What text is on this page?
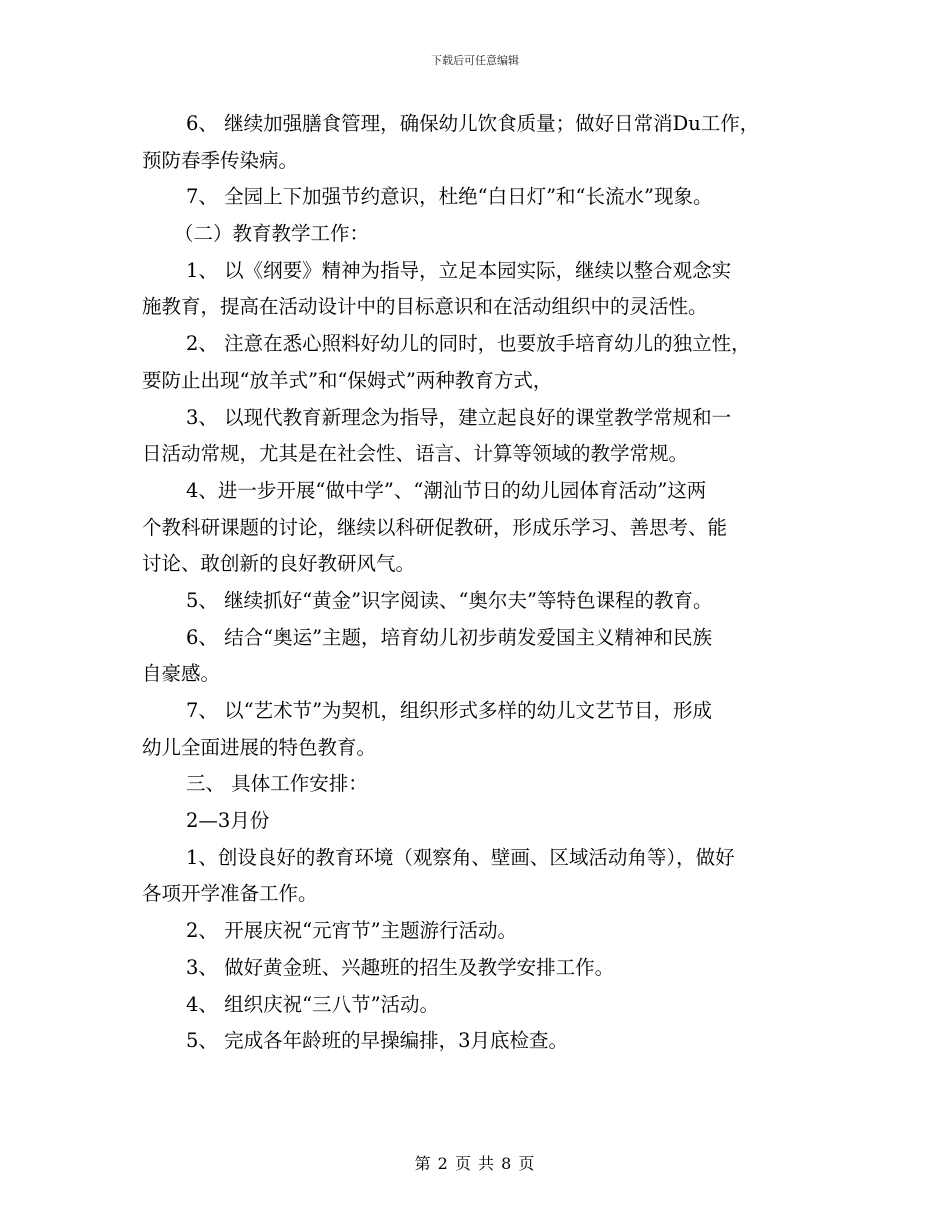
下载后可任意编辑
6、 继续加强膳食管理，确保幼儿饮食质量；做好日常消Du工作，
预防春季传染病。
7、 全园上下加强节约意识，杜绝“白日灯”和“长流水”现象。
（二）教育教学工作：
1、 以《纲要》精神为指导，立足本园实际，继续以整合观念实
施教育，提高在活动设计中的目标意识和在活动组织中的灵活性。
2、 注意在悉心照料好幼儿的同时，也要放手培育幼儿的独立性，
要防止出现“放羊式”和“保姆式”两种教育方式，
3、 以现代教育新理念为指导，建立起良好的课堂教学常规和一
日活动常规，尤其是在社会性、语言、计算等领域的教学常规。
4、进一步开展“做中学”、“潮汕节日的幼儿园体育活动”这两
个教科研课题的讨论，继续以科研促教研，形成乐学习、善思考、能
讨论、敢创新的良好教研风气。
5、 继续抓好“黄金”识字阅读、“奥尔夫”等特色课程的教育。
6、 结合“奥运”主题，培育幼儿初步萌发爱国主义精神和民族
自豪感。
7、 以“艺术节”为契机，组织形式多样的幼儿文艺节目，形成
幼儿全面进展的特色教育。
三、 具体工作安排：
2—3月份
1、创设良好的教育环境（观察角、壁画、区域活动角等），做好
各项开学准备工作。
2、 开展庆祝“元宵节”主题游行活动。
3、 做好黄金班、兴趣班的招生及教学安排工作。
4、 组织庆祝“三八节”活动。
5、 完成各年龄班的早操编排，3月底检查。
第 2 页 共 8 页
